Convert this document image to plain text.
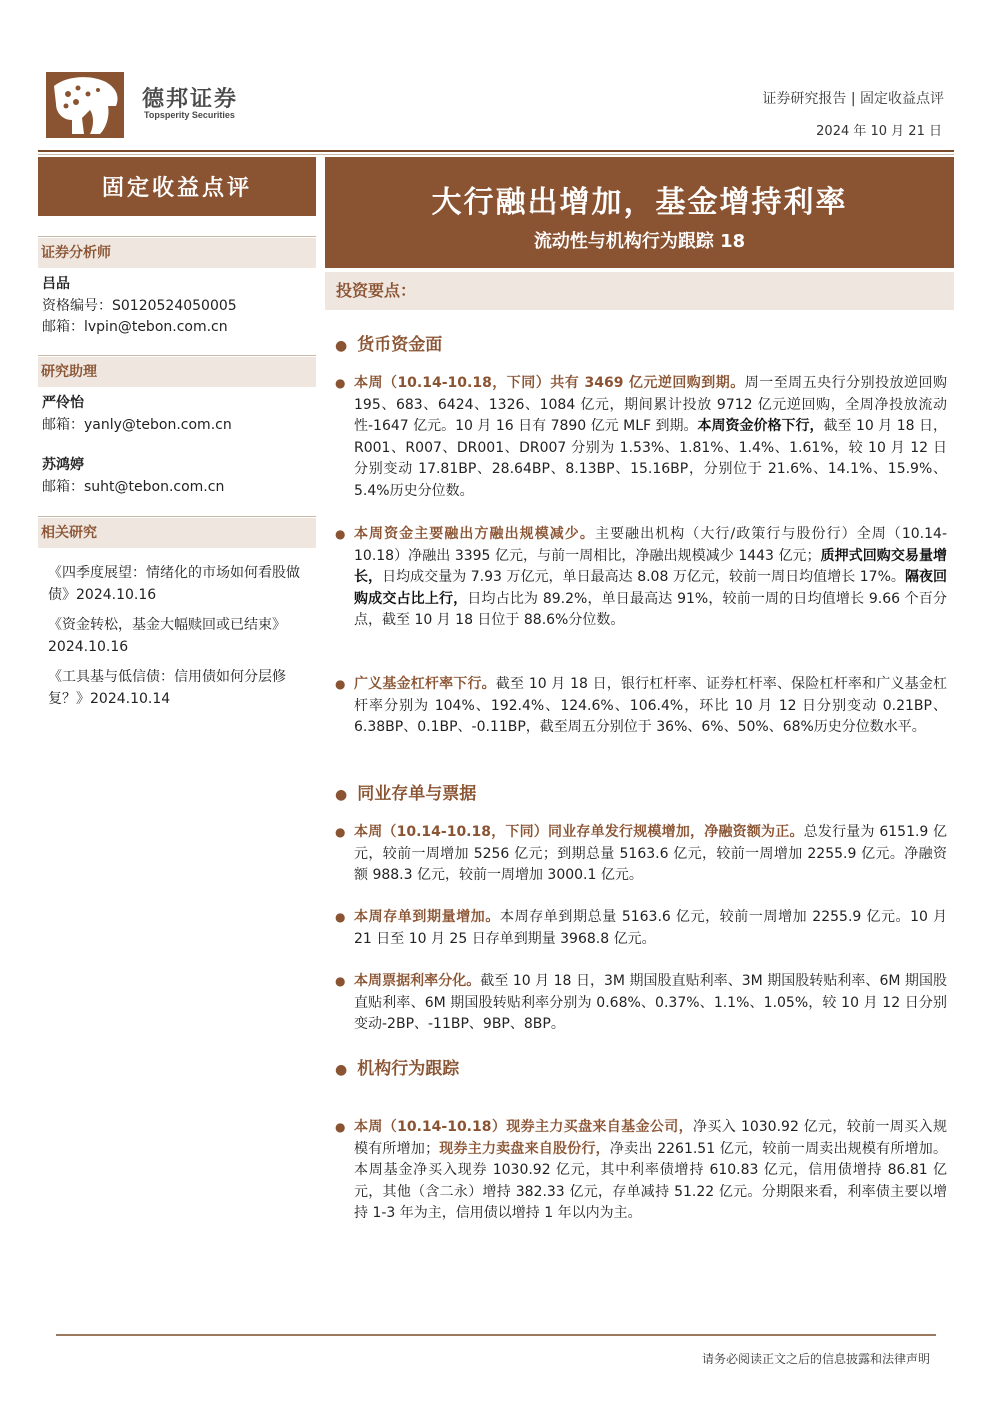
德邦证券
Topsperity Securities
证券研究报告 | 固定收益点评
2024 年 10 月 21 日
固定收益点评
证券分析师
吕品
资格编号：S0120524050005
邮箱：lvpin@tebon.com.cn
研究助理
严伶怡
邮箱：yanly@tebon.com.cn
苏鸿婷
邮箱：suht@tebon.com.cn
相关研究
《四季度展望：情绪化的市场如何看股做债》2024.10.16
《资金转松，基金大幅赎回或已结束》2024.10.16
《工具基与低信债：信用债如何分层修复？》2024.10.14
大行融出增加，基金增持利率
流动性与机构行为跟踪 18
投资要点：
● 货币资金面
● 本周（10.14-10.18，下同）共有 3469 亿元逆回购到期。周一至周五央行分别投放逆回购 195、683、6424、1326、1084 亿元，期间累计投放 9712 亿元逆回购，全周净投放流动性-1647 亿元。10 月 16 日有 7890 亿元 MLF 到期。本周资金价格下行，截至 10 月 18 日，R001、R007、DR001、DR007 分别为 1.53%、1.81%、1.4%、1.61%，较 10 月 12 日分别变动 17.81BP、28.64BP、8.13BP、15.16BP，分别位于 21.6%、14.1%、15.9%、5.4%历史分位数。
● 本周资金主要融出方融出规模减少。主要融出机构（大行/政策行与股份行）全周（10.14-10.18）净融出 3395 亿元，与前一周相比，净融出规模减少 1443 亿元；质押式回购交易量增长，日均成交量为 7.93 万亿元，单日最高达 8.08 万亿元，较前一周日均值增长 17%。隔夜回购成交占比上行，日均占比为 89.2%，单日最高达 91%，较前一周的日均值增长 9.66 个百分点，截至 10 月 18 日位于 88.6%分位数。
● 广义基金杠杆率下行。截至 10 月 18 日，银行杠杆率、证券杠杆率、保险杠杆率和广义基金杠杆率分别为 104%、192.4%、124.6%、106.4%，环比 10 月 12 日分别变动 0.21BP、6.38BP、0.1BP、-0.11BP，截至周五分别位于 36%、6%、50%、68%历史分位数水平。
● 同业存单与票据
● 本周（10.14-10.18，下同）同业存单发行规模增加，净融资额为正。总发行量为 6151.9 亿元，较前一周增加 5256 亿元；到期总量 5163.6 亿元，较前一周增加 2255.9 亿元。净融资额 988.3 亿元，较前一周增加 3000.1 亿元。
● 本周存单到期量增加。本周存单到期总量 5163.6 亿元，较前一周增加 2255.9 亿元。10 月 21 日至 10 月 25 日存单到期量 3968.8 亿元。
● 本周票据利率分化。截至 10 月 18 日，3M 期国股直贴利率、3M 期国股转贴利率、6M 期国股直贴利率、6M 期国股转贴利率分别为 0.68%、0.37%、1.1%、1.05%，较 10 月 12 日分别变动-2BP、-11BP、9BP、8BP。
● 机构行为跟踪
● 本周（10.14-10.18）现券主力买盘来自基金公司，净买入 1030.92 亿元，较前一周买入规模有所增加；现券主力卖盘来自股份行，净卖出 2261.51 亿元，较前一周卖出规模有所增加。本周基金净买入现券 1030.92 亿元，其中利率债增持 610.83 亿元，信用债增持 86.81 亿元，其他（含二永）增持 382.33 亿元，存单减持 51.22 亿元。分期限来看，利率债主要以增持 1-3 年为主，信用债以增持 1 年以内为主。
请务必阅读正文之后的信息披露和法律声明
